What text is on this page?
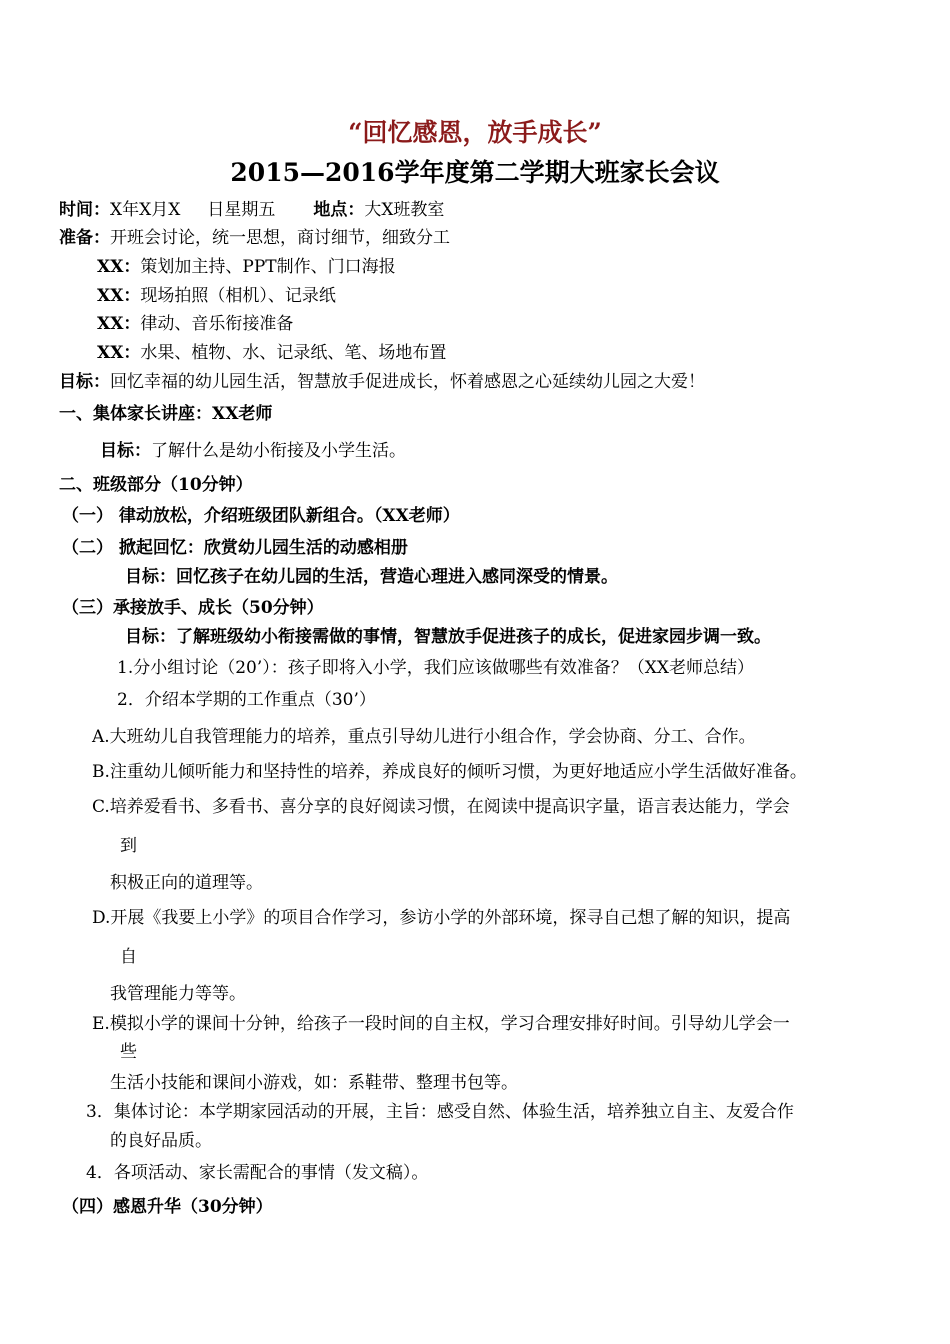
“回忆感恩，放手成长”
2015—2016学年度第二学期大班家长会议
时间：X年X月X     日星期五 地点：大X班教室
准备：开班会讨论，统一思想，商讨细节，细致分工
XX：策划加主持、PPT制作、门口海报
XX：现场拍照（相机）、记录纸
XX：律动、音乐衔接准备
XX：水果、植物、水、记录纸、笔、场地布置
目标：回忆幸福的幼儿园生活，智慧放手促进成长，怀着感恩之心延续幼儿园之大爱！
一、集体家长讲座：XX老师
目标：了解什么是幼小衔接及小学生活。
二、班级部分（10分钟）
（一） 律动放松，介绍班级团队新组合。（XX老师）
（二） 掀起回忆：欣赏幼儿园生活的动感相册
目标：回忆孩子在幼儿园的生活，营造心理进入感同深受的情景。
（三）承接放手、成长（50分钟）
目标：了解班级幼小衔接需做的事情，智慧放手促进孩子的成长，促进家园步调一致。
1.分小组讨论（20’）：孩子即将入小学，我们应该做哪些有效准备？（XX老师总结）
2．介绍本学期的工作重点（30’）
A.大班幼儿自我管理能力的培养，重点引导幼儿进行小组合作，学会协商、分工、合作。
B.注重幼儿倾听能力和坚持性的培养，养成良好的倾听习惯，为更好地适应小学生活做好准备。
C.培养爱看书、多看书、喜分享的良好阅读习惯，在阅读中提高识字量，语言表达能力，学会
到
积极正向的道理等。
D.开展《我要上小学》的项目合作学习，参访小学的外部环境，探寻自己想了解的知识，提高
自
我管理能力等等。
E.模拟小学的课间十分钟，给孩子一段时间的自主权，学习合理安排好时间。引导幼儿学会一
些
生活小技能和课间小游戏，如：系鞋带、整理书包等。
3．集体讨论：本学期家园活动的开展，主旨：感受自然、体验生活，培养独立自主、友爱合作
的良好品质。
4．各项活动、家长需配合的事情（发文稿）。
（四）感恩升华（30分钟）
